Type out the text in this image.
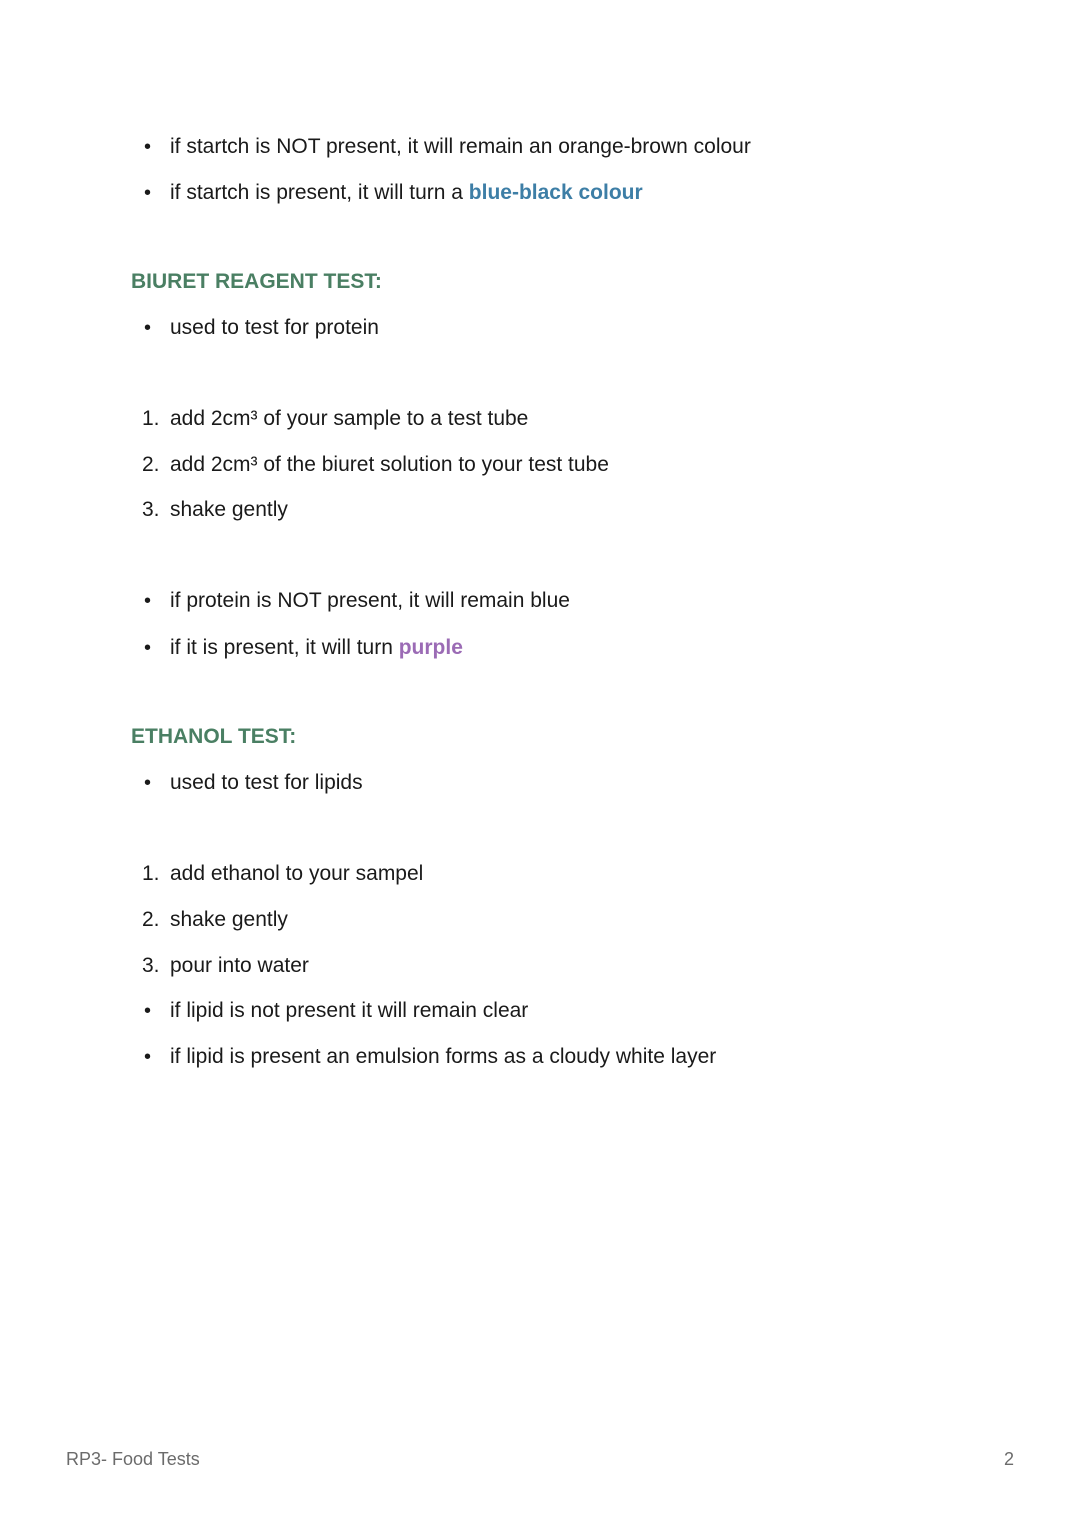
• if startch is NOT present, it will remain an orange-brown colour
• if startch is present, it will turn a blue-black colour
BIURET REAGENT TEST:
• used to test for protein
1. add 2cm³ of your sample to a test tube
2. add 2cm³ of the biuret solution to your test tube
3. shake gently
• if protein is NOT present, it will remain blue
• if it is present, it will turn purple
ETHANOL TEST:
• used to test for lipids
1. add ethanol to your sampel
2. shake gently
3. pour into water
• if lipid is not present it will remain clear
• if lipid is present an emulsion forms as a cloudy white layer
RP3- Food Tests	2
